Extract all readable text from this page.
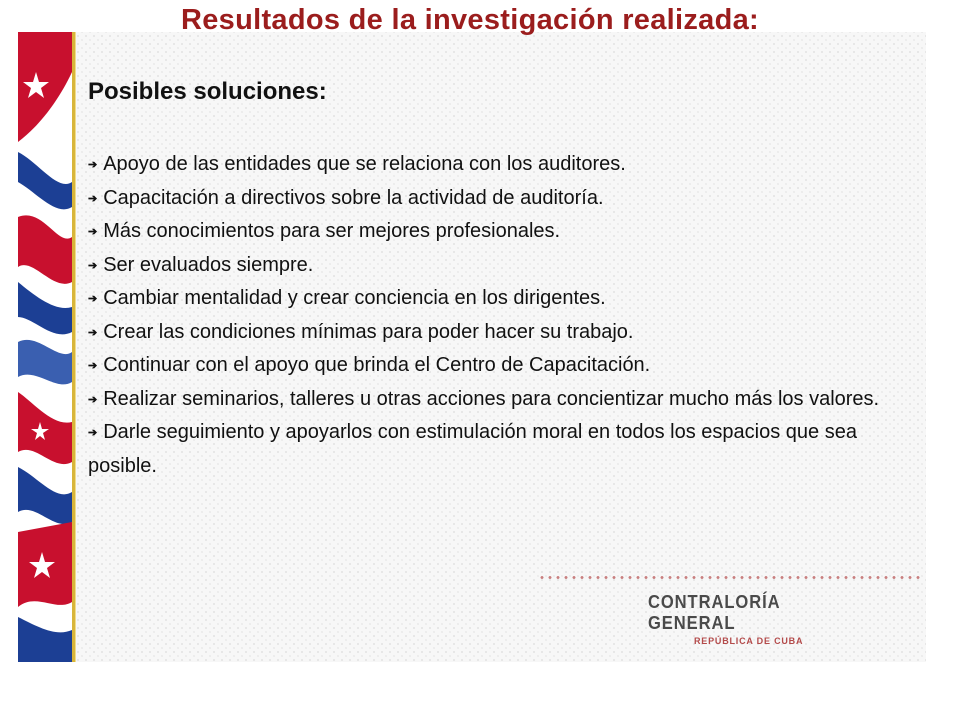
Resultados de la investigación realizada:
Posibles soluciones:
➔ Apoyo de las entidades que se relaciona con los auditores.
➔ Capacitación a directivos sobre la actividad de auditoría.
➔ Más conocimientos para ser mejores profesionales.
➔ Ser evaluados siempre.
➔ Cambiar mentalidad y crear conciencia en los dirigentes.
➔ Crear las condiciones mínimas para poder hacer su trabajo.
➔ Continuar con el apoyo que brinda el Centro de Capacitación.
➔ Realizar seminarios, talleres u otras acciones para concientizar mucho más los valores.
➔ Darle seguimiento y apoyarlos con estimulación moral en todos los espacios que sea posible.
CONTRALORÍA GENERAL
REPÚBLICA DE CUBA
